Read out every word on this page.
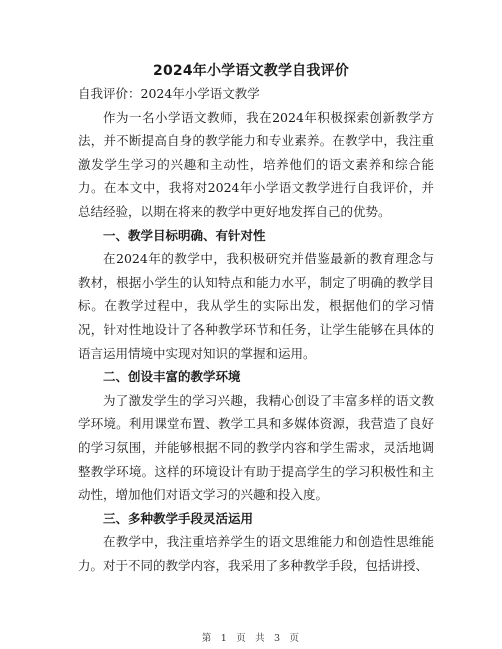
2024年小学语文教学自我评价

自我评价：2024年小学语文教学

作为一名小学语文教师，我在2024年积极探索创新教学方法，并不断提高自身的教学能力和专业素养。在教学中，我注重激发学生学习的兴趣和主动性，培养他们的语文素养和综合能力。在本文中，我将对2024年小学语文教学进行自我评价，并总结经验，以期在将来的教学中更好地发挥自己的优势。

一、教学目标明确、有针对性

在2024年的教学中，我积极研究并借鉴最新的教育理念与教材，根据小学生的认知特点和能力水平，制定了明确的教学目标。在教学过程中，我从学生的实际出发，根据他们的学习情况，针对性地设计了各种教学环节和任务，让学生能够在具体的语言运用情境中实现对知识的掌握和运用。

二、创设丰富的教学环境

为了激发学生的学习兴趣，我精心创设了丰富多样的语文教学环境。利用课堂布置、教学工具和多媒体资源，我营造了良好的学习氛围，并能够根据不同的教学内容和学生需求，灵活地调整教学环境。这样的环境设计有助于提高学生的学习积极性和主动性，增加他们对语文学习的兴趣和投入度。

三、多种教学手段灵活运用

在教学中，我注重培养学生的语文思维能力和创造性思维能力。对于不同的教学内容，我采用了多种教学手段，包括讲授、

第 1 页 共 3 页
